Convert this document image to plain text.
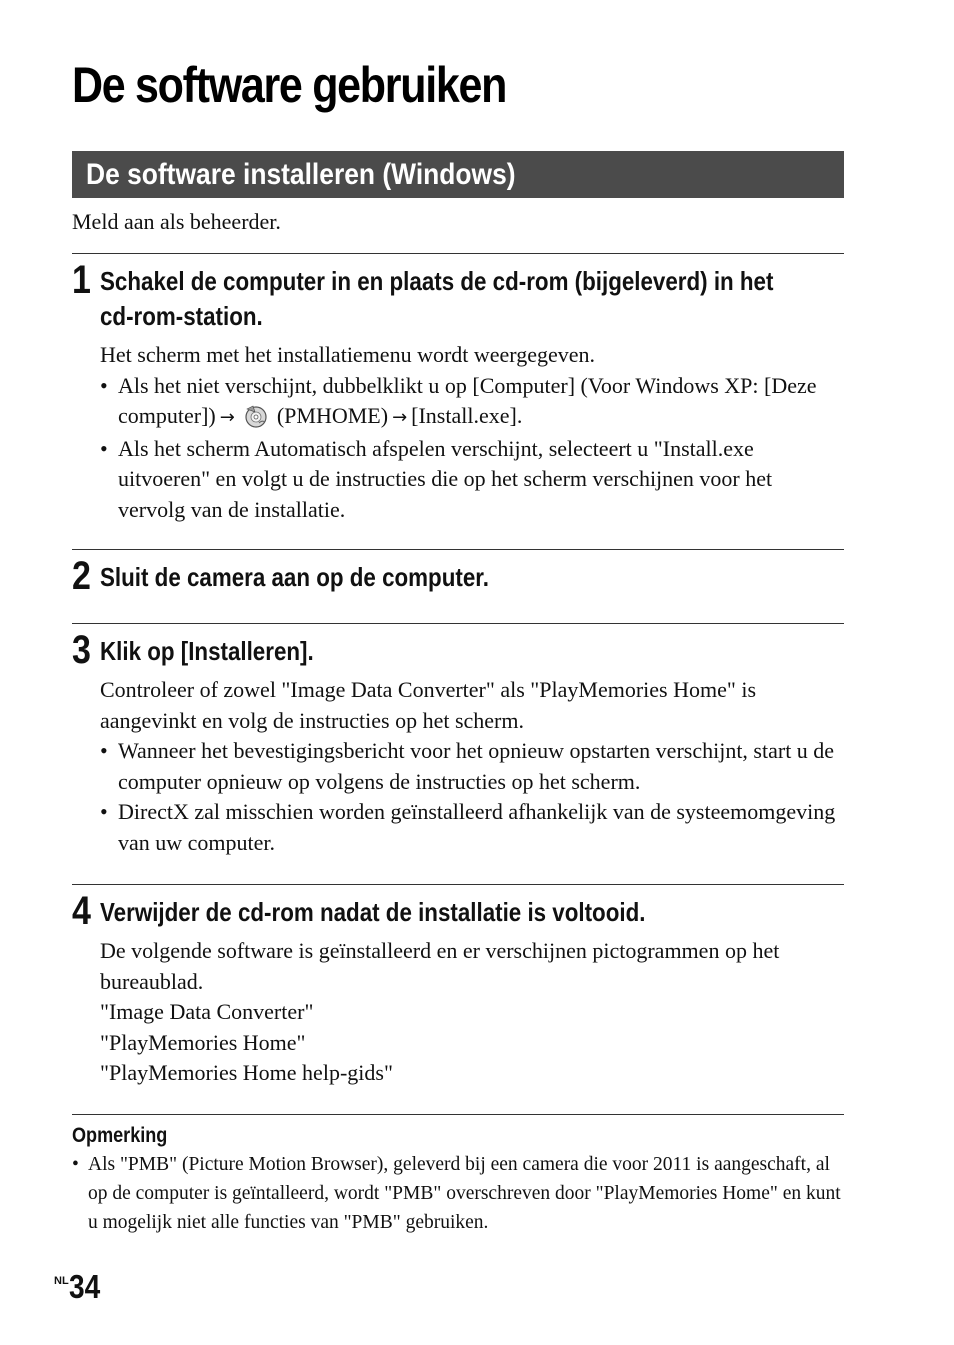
De software gebruiken
De software installeren (Windows)
Meld aan als beheerder.
1 Schakel de computer in en plaats de cd-rom (bijgeleverd) in het
cd-rom-station.

Het scherm met het installatiemenu wordt weergegeven.

• Als het niet verschijnt, dubbelklikt u op [Computer] (Voor Windows XP: [Deze computer]) → (PMHOME) → [Install.exe].

• Als het scherm Automatisch afspelen verschijnt, selecteert u "Install.exe uitvoeren" en volgt u de instructies die op het scherm verschijnen voor het vervolg van de installatie.

2 Sluit de camera aan op de computer.
3 Klik op [Installeren].

Controleer of zowel "Image Data Converter" als "PlayMemories Home" is aangevinkt en volg de instructies op het scherm.

• Wanneer het bevestigingsbericht voor het opnieuw opstarten verschijnt, start u de computer opnieuw op volgens de instructies op het scherm.

• DirectX zal misschien worden geïnstalleerd afhankelijk van de systeemomgeving van uw computer.

4 Verwijder de cd-rom nadat de installatie is voltooid.

De volgende software is geïnstalleerd en er verschijnen pictogrammen op het bureaublad.

"Image Data Converter"

"PlayMemories Home"

"PlayMemories Home help-gids"

Opmerking

• Als "PMB" (Picture Motion Browser), geleverd bij een camera die voor 2011 is aangeschaft, al op de computer is geïntalleerd, wordt "PMB" overschreven door "PlayMemories Home" en kunt u mogelijk niet alle functies van "PMB" gebruiken.

$^{NL}$34
